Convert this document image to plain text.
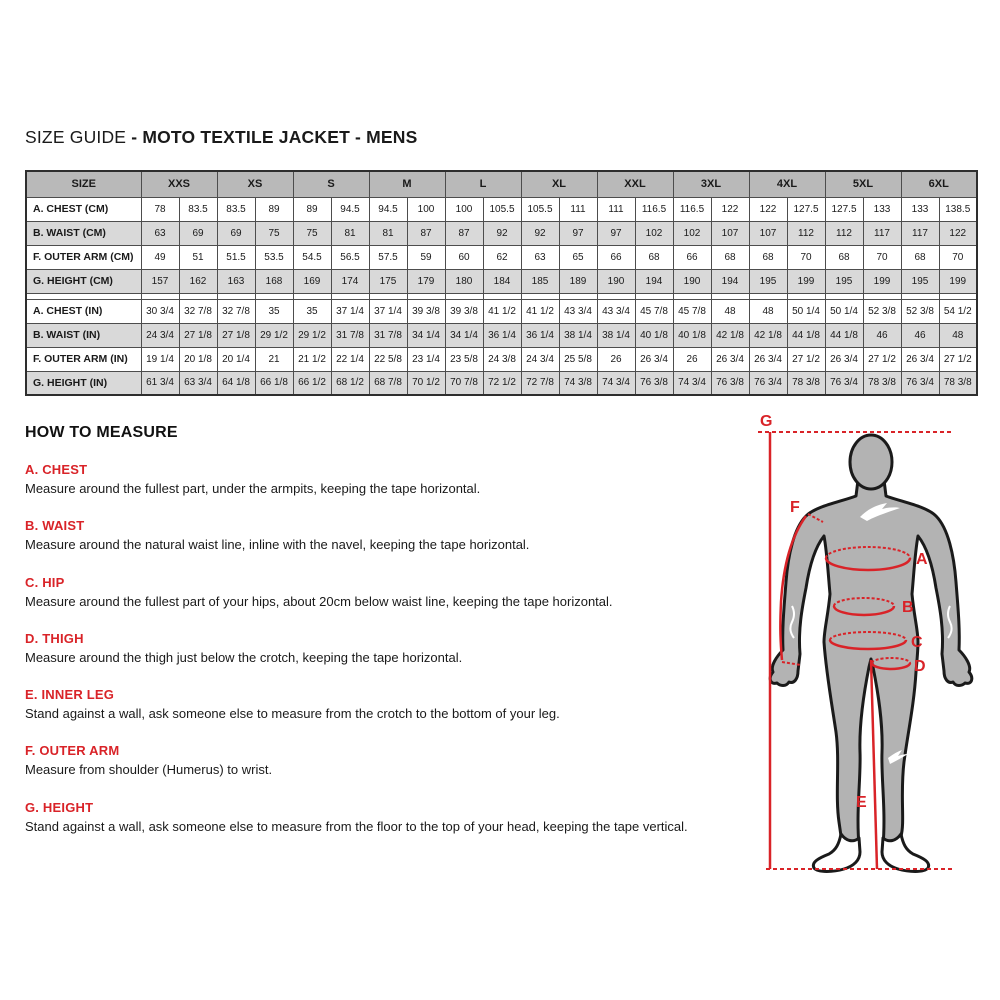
SIZE GUIDE - MOTO TEXTILE JACKET - MENS
SIZE	XXS		XS		S		M		L		XL		XXL		3XL		4XL		5XL		6XL	
A. CHEST (CM)	78	83.5	83.5	89	89	94.5	94.5	100	100	105.5	105.5	111	111	116.5	116.5	122	122	127.5	127.5	133	133	138.5
B. WAIST (CM)	63	69	69	75	75	81	81	87	87	92	92	97	97	102	102	107	107	112	112	117	117	122
F. OUTER ARM (CM)	49	51	51.5	53.5	54.5	56.5	57.5	59	60	62	63	65	66	68	66	68	68	70	68	70	68	70
G. HEIGHT (CM)	157	162	163	168	169	174	175	179	180	184	185	189	190	194	190	194	195	199	195	199	195	199

A. CHEST (IN)	30 3/4	32 7/8	32 7/8	35	35	37 1/4	37 1/4	39 3/8	39 3/8	41 1/2	41 1/2	43 3/4	43 3/4	45 7/8	45 7/8	48	48	50 1/4	50 1/4	52 3/8	52 3/8	54 1/2
B. WAIST (IN)	24 3/4	27 1/8	27 1/8	29 1/2	29 1/2	31 7/8	31 7/8	34 1/4	34 1/4	36 1/4	36 1/4	38 1/4	38 1/4	40 1/8	40 1/8	42 1/8	42 1/8	44 1/8	44 1/8	46	46	48
F. OUTER ARM (IN)	19 1/4	20 1/8	20 1/4	21	21 1/2	22 1/4	22 5/8	23 1/4	23 5/8	24 3/8	24 3/4	25 5/8	26	26 3/4	26	26 3/4	26 3/4	27 1/2	26 3/4	27 1/2	26 3/4	27 1/2
G. HEIGHT (IN)	61 3/4	63 3/4	64 1/8	66 1/8	66 1/2	68 1/2	68 7/8	70 1/2	70 7/8	72 1/2	72 7/8	74 3/8	74 3/4	76 3/8	74 3/4	76 3/8	76 3/4	78 3/8	76 3/4	78 3/8	76 3/4	78 3/8
HOW TO MEASURE
A. CHEST

Measure around the fullest part, under the armpits, keeping the tape horizontal.

B. WAIST

Measure around the natural waist line, inline with the navel, keeping the tape horizontal.

C. HIP

Measure around the fullest part of your hips, about 20cm below waist line, keeping the tape horizontal.

D. THIGH

Measure around the thigh just below the crotch, keeping the tape horizontal.

E. INNER LEG

Stand against a wall, ask someone else to measure from the crotch to the bottom of your leg.

F. OUTER ARM

Measure from shoulder (Humerus) to wrist.

G. HEIGHT

Stand against a wall, ask someone else to measure from the floor to the top of your head, keeping the tape vertical.

G
F
A
B
C
D
E
